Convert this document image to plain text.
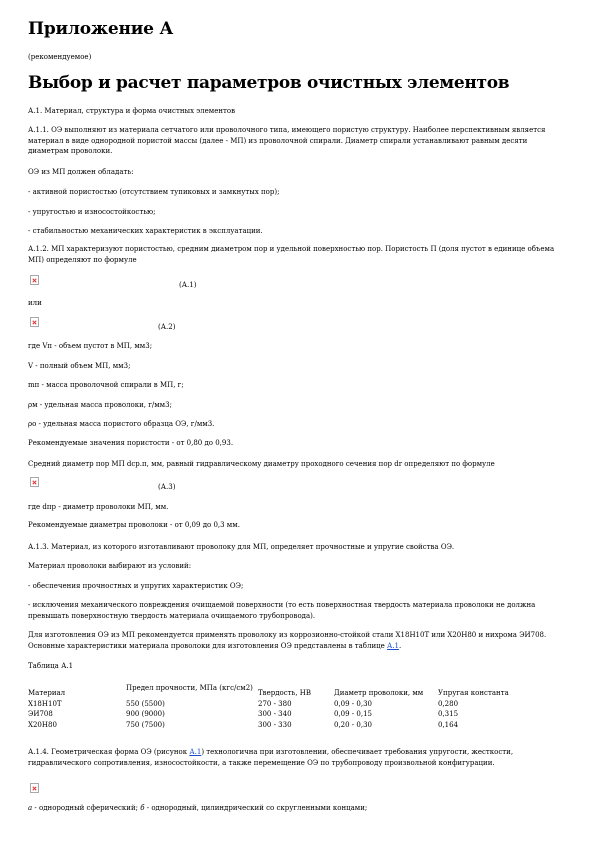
Приложение А

(рекомендуемое)

Выбор и расчет параметров очистных элементов

А.1. Материал, структура и форма очистных элементов

А.1.1. ОЭ выполняют из материала сетчатого или проволочного типа, имеющего пористую структуру. Наиболее перспективным является материал в виде однородной пористой массы (далее - МП) из проволочной спирали. Диаметр спирали устанавливают равным десяти диаметрам проволоки.

ОЭ из МП должен обладать:

- активной пористостью (отсутствием тупиковых и замкнутых пор);

- упругостью и износостойкостью;

- стабильностью механических характеристик в эксплуатации.

А.1.2. МП характеризуют пористостью, средним диаметром пор и удельной поверхностью пор. Пористость П (доля пустот в единице объема МП) определяют по формуле

(А.1)

или

(А.2)

где Vп - объем пустот в МП, мм3;

V - полный объем МП, мм3;

mп - масса проволочной спирали в МП, г;

ρм - удельная масса проволоки, г/мм3;

ρо - удельная масса пористого образца ОЭ, г/мм3.

Рекомендуемые значения пористости - от 0,80 до 0,93.

Средний диаметр пор МП dср.п, мм, равный гидравлическому диаметру проходного сечения пор dr определяют по формуле

(А.3)

где dпр - диаметр проволоки МП, мм.

Рекомендуемые диаметры проволоки - от 0,09 до 0,3 мм.

А.1.3. Материал, из которого изготавливают проволоку для МП, определяет прочностные и упругие свойства ОЭ.

Материал проволоки выбирают из условий:

- обеспечения прочностных и упругих характеристик ОЭ;

- исключения механического повреждения очищаемой поверхности (то есть поверхностная твердость материала проволоки не должна превышать поверхностную твердость материала очищаемого трубопровода).

Для изготовления ОЭ из МП рекомендуется применять проволоку из коррозионно-стойкой стали Х18Н10Т или Х20Н80 и нихрома ЭИ708. Основные характеристики материала проволоки для изготовления ОЭ представлены в таблице А.1.

Таблица А.1

Материал	Предел прочности, МПа (кгс/см2)	Твердость, НВ	Диаметр проволоки, мм	Упругая константа
Х18Н10Т	550 (5500)	270 - 380	0,09 - 0,30	0,280
ЭИ708	900 (9000)	300 - 340	0,09 - 0,15	0,315
Х20Н80	750 (7500)	300 - 330	0,20 - 0,30	0,164

А.1.4. Геометрическая форма ОЭ (рисунок А.1) технологична при изготовлении, обеспечивает требования упругости, жесткости, гидравлического сопротивления, износостойкости, а также перемещение ОЭ по трубопроводу произвольной конфигурации.

а - однородный сферический; б - однородный, цилиндрический со скругленными концами;
